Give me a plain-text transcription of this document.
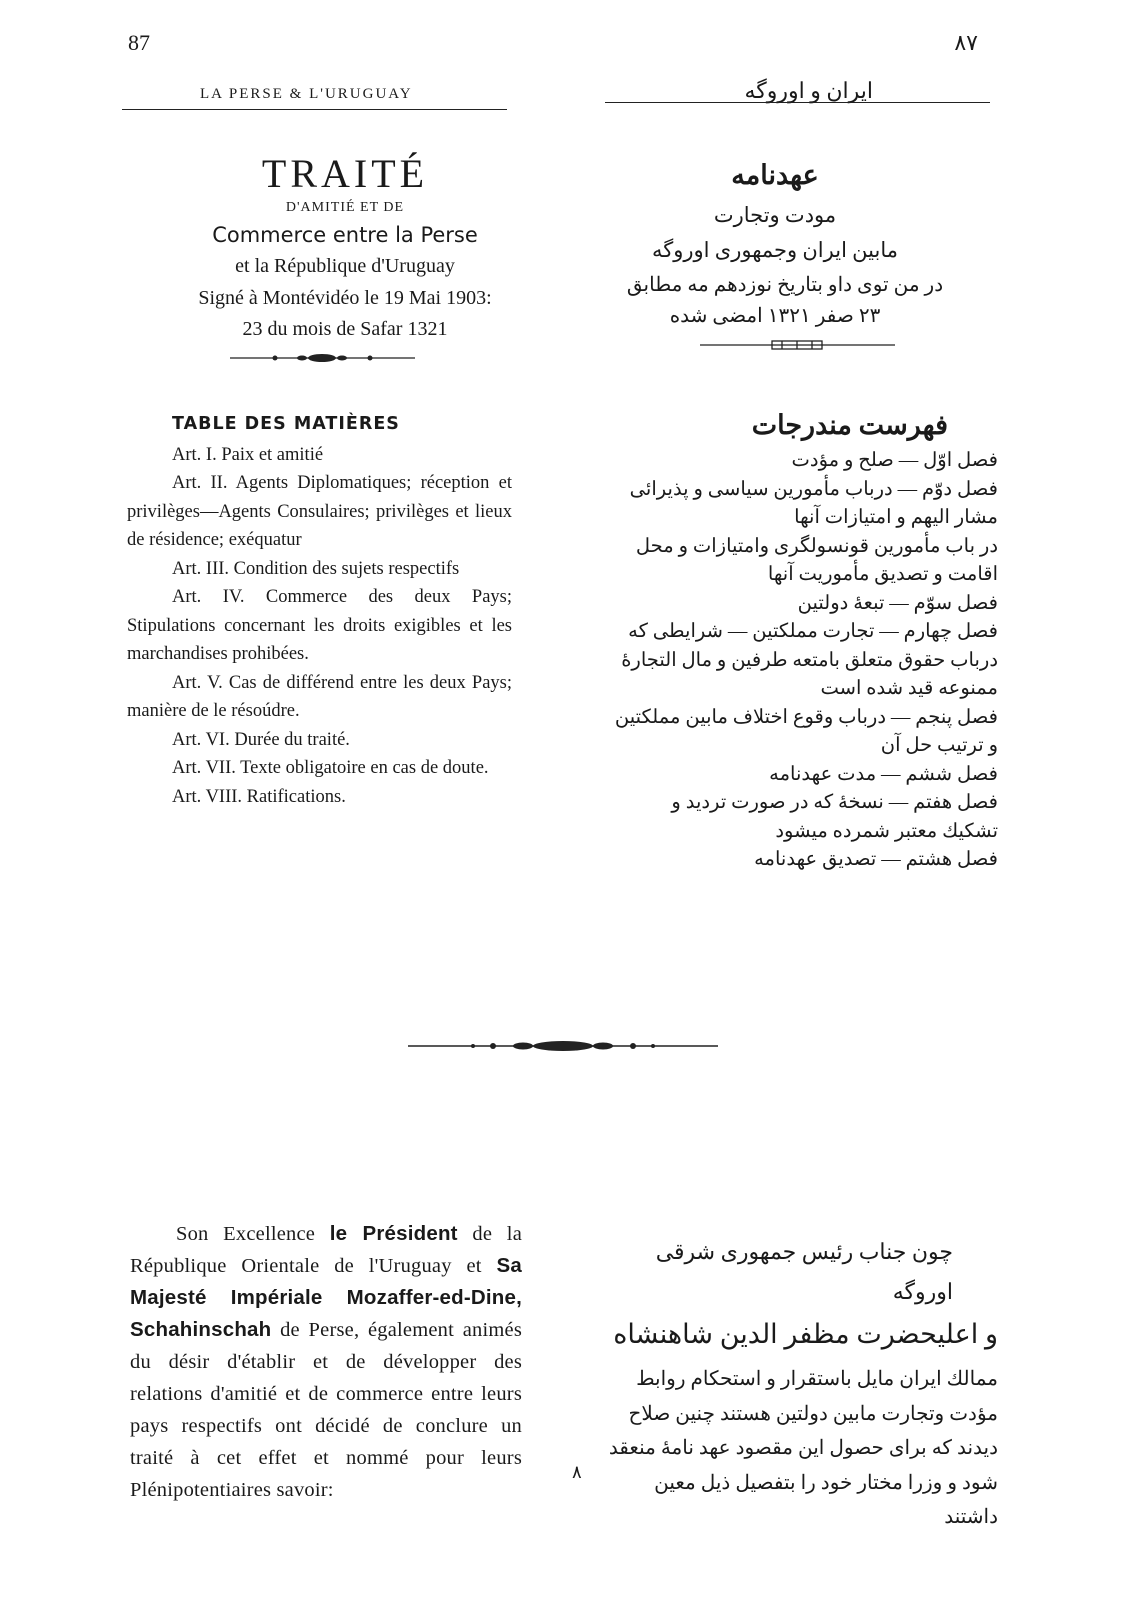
87	۸۷
LA PERSE & L'URUGUAY	ایران و اوروگه
TRAITÉ
D'AMITIÉ ET DE
Commerce entre la Perse
et la République d'Uruguay
Signé à Montévidéo le 19 Mai 1903:
23 du mois de Safar 1321
عهدنامه
مودت وتجارت
مابین ایران وجمهوری اوروگه
در من توی داو بتاریخ نوزدهم مه مطابق
۲۳ صفر ۱۳۲۱ امضی شده
TABLE DES MATIÈRES

Art. I. Paix et amitié

Art. II. Agents Diplomatiques; réception et privilèges—Agents Consulaires; privilèges et lieux de résidence; exéquatur

Art. III. Condition des sujets respectifs

Art. IV. Commerce des deux Pays; Stipulations concernant les droits exigibles et les marchandises prohibées.

Art. V. Cas de différend entre les deux Pays; manière de le résoúdre.

Art. VI. Durée du traité.

Art. VII. Texte obligatoire en cas de doute.

Art. VIII. Ratifications.

فهرست مندرجات

فصل اوّل — صلح و مؤدت

فصل دوّم — درباب مأمورین سیاسی و پذیرائی مشار الیهم و امتیازات آنها

در باب مأمورین قونسولگری وامتیازات و محل اقامت و تصدیق مأموریت آنها

فصل سوّم — تبعهٔ دولتین

فصل چهارم — تجارت مملکتین — شرایطی که درباب حقوق متعلق بامتعه طرفین و مال التجارهٔ ممنوعه قید شده است

فصل پنجم — درباب وقوع اختلاف مابین مملکتین و ترتیب حل آن

فصل ششم — مدت عهدنامه

فصل هفتم — نسخهٔ که در صورت تردید و تشکیك معتبر شمرده میشود

فصل هشتم — تصدیق عهدنامه

Son Excellence le Président de la République Orientale de l'Uruguay et Sa Majesté Impériale Mozaffer-ed-Dine, Schahinschah de Perse, également animés du désir d'établir et de développer des relations d'amitié et de commerce entre leurs pays respectifs ont décidé de conclure un traité à cet effet et nommé pour leurs Plénipotentiaires savoir:

چون جناب رئیس جمهوری شرقی اوروگه
و اعلیحضرت مظفر الدین شاهنشاه
ممالك ایران مایل باستقرار و استحکام روابط مؤدت وتجارت مابین دولتین هستند چنین صلاح دیدند که برای حصول این مقصود عهد نامهٔ منعقد شود و وزرا مختار خود را بتفصیل ذیل معین داشتند
۸
